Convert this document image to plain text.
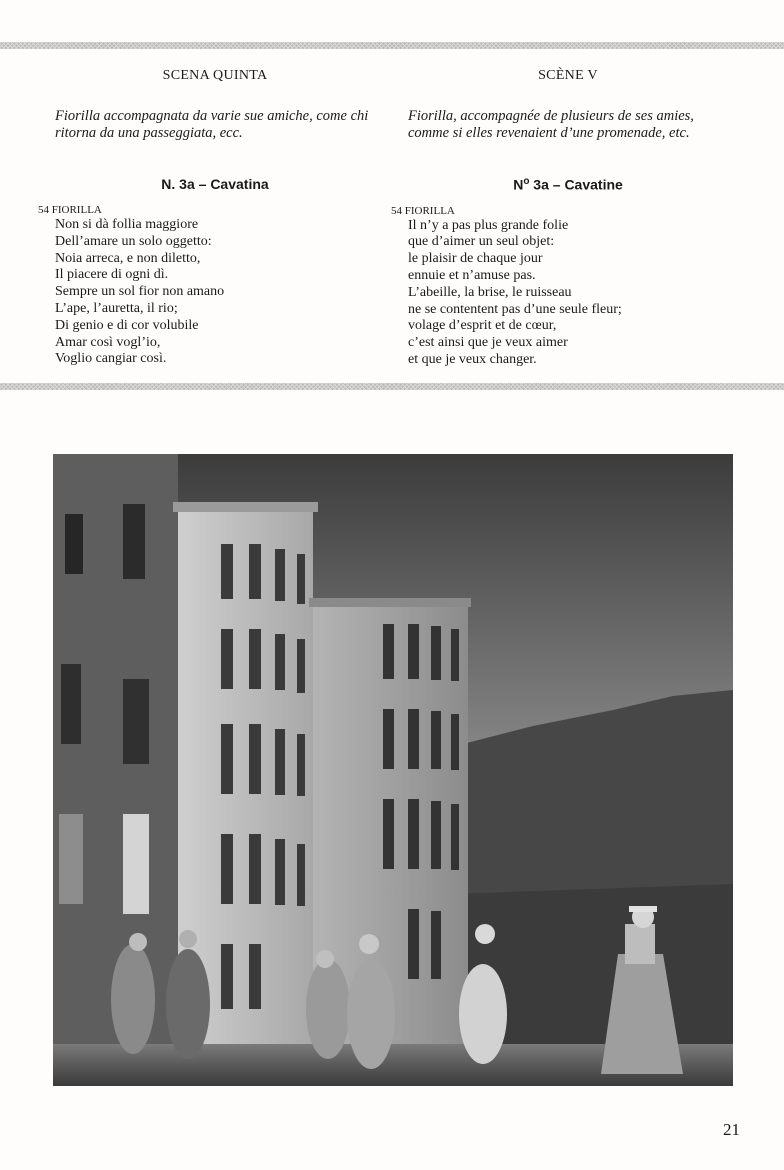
SCENA QUINTA

Fiorilla accompagnata da varie sue amiche, come chi ritorna da una passeggiata, ecc.

N. 3a – Cavatina

54 FIORILLA

Non si dà follia maggiore
Dell’amare un solo oggetto:
Noia arreca, e non diletto,
Il piacere di ogni dì.
Sempre un sol fior non amano
L’ape, l’auretta, il rio;
Di genio e di cor volubile
Amar così vogl’io,
Voglio cangiar così.

SCÈNE V

Fiorilla, accompagnée de plusieurs de ses amies, comme si elles revenaient d’une promenade, etc.

$N^o$ 3a – Cavatine

54 FIORILLA

Il n’y a pas plus grande folie
que d’aimer un seul objet:
le plaisir de chaque jour
ennuie et n’amuse pas.
L’abeille, la brise, le ruisseau
ne se contentent pas d’une seule fleur;
volage d’esprit et de cœur,
c’est ainsi que je veux aimer
et que je veux changer.

21
